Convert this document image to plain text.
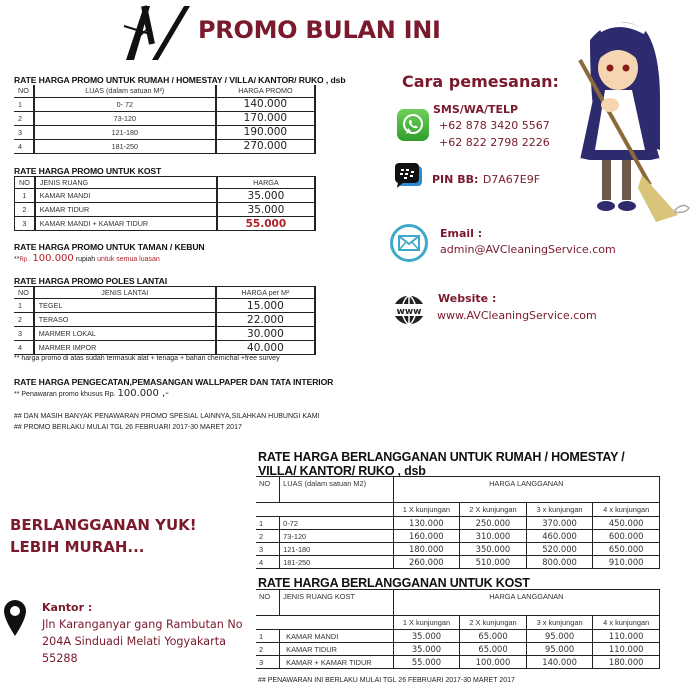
PROMO BULAN INI
RATE HARGA PROMO UNTUK RUMAH / HOMESTAY / VILLA/ KANTOR/ RUKO , dsb
NO	LUAS (dalam satuan M²)	HARGA PROMO
1	0- 72	140.000
2	73-120	170.000
3	121-180	190.000
4	181-250	270.000
RATE HARGA PROMO UNTUK KOST
NO	JENIS RUANG	HARGA
1	KAMAR MANDI	35.000
2	KAMAR TIDUR	35.000
3	KAMAR MANDI + KAMAR TIDUR	55.000
RATE HARGA PROMO UNTUK TAMAN / KEBUN
**Rp . 100.000 rupiah untuk semua luasan
RATE HARGA PROMO POLES LANTAI
NO	JENIS LANTAI	HARGA per M²
1	TEGEL	15.000
2	TERASO	22.000
3	MARMER LOKAL	30.000
4	MARMER IMPOR	40.000
** harga promo di atas sudah termasuk alat + tenaga + bahan chemichal +free survey
RATE HARGA PENGECATAN,PEMASANGAN WALLPAPER DAN TATA INTERIOR
** Penawaran promo khusus Rp. 100.000 ,-
## DAN MASIH BANYAK PENAWARAN PROMO SPESIAL LAINNYA,SILAHKAN HUBUNGI KAMI
## PROMO BERLAKU MULAI TGL 26 FEBRUARI 2017-30 MARET 2017
Cara pemesanan:
SMS/WA/TELP
+62 878 3420 5567
+62 822 2798 2226
PIN BB: D7A67E9F
Email :
admin@AVCleaningService.com
www
Website :
www.AVCleaningService.com
RATE HARGA BERLANGGANAN UNTUK RUMAH / HOMESTAY / VILLA/ KANTOR/ RUKO , dsb
NO	LUAS (dalam satuan M2)	HARGA LANGGANAN			
		1 X kunjungan	2 X kunjungan	3 x kunjungan	4 x kunjungan
1	0-72	130.000	250.000	370.000	450.000
2	73-120	160.000	310.000	460.000	600.000
3	121-180	180.000	350.000	520.000	650.000
4	181-250	260.000	510.000	800.000	910.000
RATE HARGA BERLANGGANAN UNTUK KOST
NO	JENIS RUANG KOST	HARGA LANGGANAN			
		1 X kunjungan	2 X kunjungan	3 x kunjungan	4 x kunjungan
1	KAMAR MANDI	35.000	65.000	95.000	110.000
2	KAMAR TIDUR	35.000	65.000	95.000	110.000
3	KAMAR + KAMAR TIDUR	55.000	100.000	140.000	180.000
## PENAWARAN INI BERLAKU MULAI TGL 26 FEBRUARI 2017-30 MARET 2017
BERLANGGANAN YUK!
LEBIH MURAH...
Kantor :
Jln Karanganyar gang Rambutan No
204A Sinduadi Melati Yogyakarta
55288
